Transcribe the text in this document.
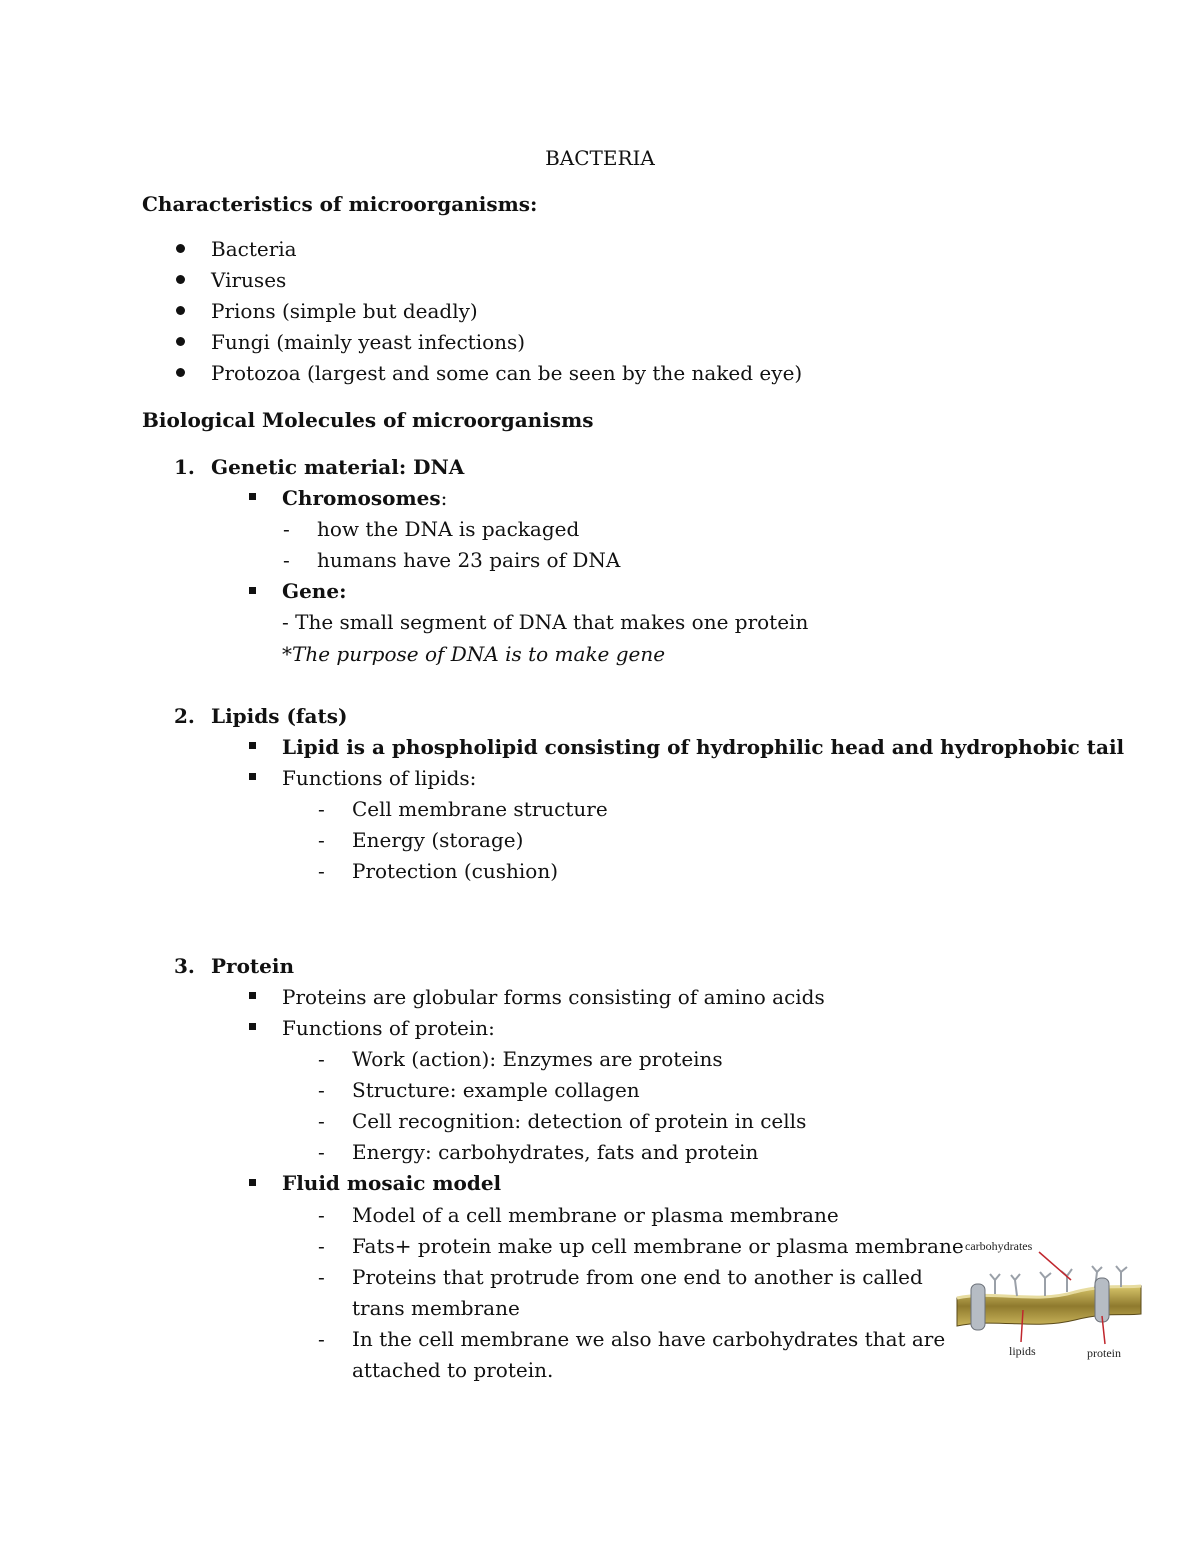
BACTERIA
Characteristics of microorganisms:
Bacteria
Viruses
Prions (simple but deadly)
Fungi (mainly yeast infections)
Protozoa (largest and some can be seen by the naked eye)
Biological Molecules of microorganisms
1. Genetic material: DNA
Chromosomes:
- how the DNA is packaged
- humans have 23 pairs of DNA
Gene:
- The small segment of DNA that makes one protein
*The purpose of DNA is to make gene
2. Lipids (fats)
Lipid is a phospholipid consisting of hydrophilic head and hydrophobic tail
Functions of lipids:
- Cell membrane structure
- Energy (storage)
- Protection (cushion)
3. Protein
Proteins are globular forms consisting of amino acids
Functions of protein:
- Work (action): Enzymes are proteins
- Structure: example collagen
- Cell recognition: detection of protein in cells
- Energy: carbohydrates, fats and protein
Fluid mosaic model
- Model of a cell membrane or plasma membrane
- Fats+ protein make up cell membrane or plasma membrane
- Proteins that protrude from one end to another is called
trans membrane
- In the cell membrane we also have carbohydrates that are
attached to protein.
carbohydrates
lipids	protein
